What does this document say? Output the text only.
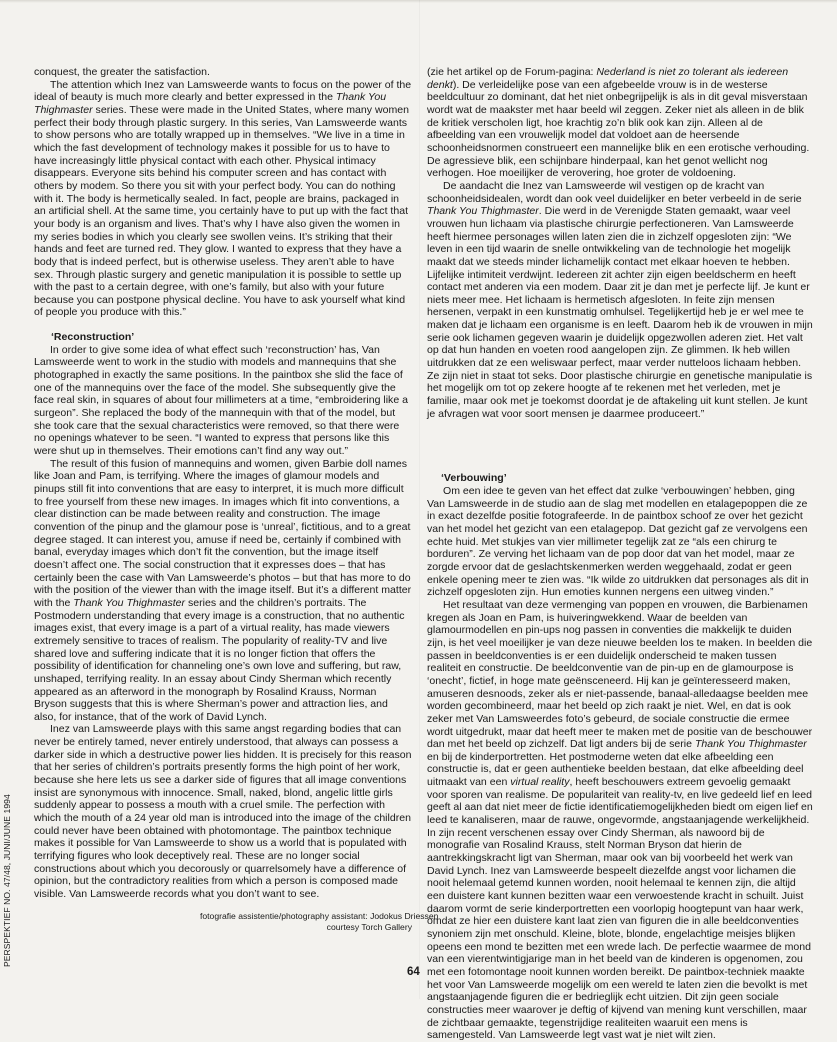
conquest, the greater the satisfaction.

The attention which Inez van Lamsweerde wants to focus on the power of the ideal of beauty is much more clearly and better expressed in the Thank You Thighmaster series. These were made in the United States, where many women perfect their body through plastic surgery. In this series, Van Lamsweerde wants to show persons who are totally wrapped up in themselves. “We live in a time in which the fast development of technology makes it possible for us to have to have increasingly little physical contact with each other. Physical intimacy disappears. Everyone sits behind his computer screen and has contact with others by modem. So there you sit with your perfect body. You can do nothing with it. The body is hermetically sealed. In fact, people are brains, packaged in an artificial shell. At the same time, you certainly have to put up with the fact that your body is an organism and lives. That’s why I have also given the women in my series bodies in which you clearly see swollen veins. It’s striking that their hands and feet are turned red. They glow. I wanted to express that they have a body that is indeed perfect, but is otherwise useless. They aren’t able to have sex. Through plastic surgery and genetic manipulation it is possible to settle up with the past to a certain degree, with one’s family, but also with your future because you can postpone physical decline. You have to ask yourself what kind of people you produce with this.”

‘Reconstruction’

In order to give some idea of what effect such ‘reconstruction’ has, Van Lamsweerde went to work in the studio with models and mannequins that she photographed in exactly the same positions. In the paintbox she slid the face of one of the mannequins over the face of the model. She subsequently give the face real skin, in squares of about four millimeters at a time, “embroidering like a surgeon”. She replaced the body of the mannequin with that of the model, but she took care that the sexual characteristics were removed, so that there were no openings whatever to be seen. “I wanted to express that persons like this were shut up in themselves. Their emotions can’t find any way out.”

The result of this fusion of mannequins and women, given Barbie doll names like Joan and Pam, is terrifying. Where the images of glamour models and pinups still fit into conventions that are easy to interpret, it is much more difficult to free yourself from these new images. In images which fit into conventions, a clear distinction can be made between reality and construction. The image convention of the pinup and the glamour pose is ‘unreal’, fictitious, and to a great degree staged. It can interest you, amuse if need be, certainly if combined with banal, everyday images which don’t fit the convention, but the image itself doesn’t affect one. The social construction that it expresses does – that has certainly been the case with Van Lamsweerde’s photos – but that has more to do with the position of the viewer than with the image itself. But it’s a different matter with the Thank You Thighmaster series and the children’s portraits. The Postmodern understanding that every image is a construction, that no authentic images exist, that every image is a part of a virtual reality, has made viewers extremely sensitive to traces of realism. The popularity of reality-TV and live shared love and suffering indicate that it is no longer fiction that offers the possibility of identification for channeling one’s own love and suffering, but raw, unshaped, terrifying reality. In an essay about Cindy Sherman which recently appeared as an afterword in the monograph by Rosalind Krauss, Norman Bryson suggests that this is where Sherman’s power and attraction lies, and also, for instance, that of the work of David Lynch.

Inez van Lamsweerde plays with this same angst regarding bodies that can never be entirely tamed, never entirely understood, that always can possess a darker side in which a destructive power lies hidden. It is precisely for this reason that her series of children’s portraits presently forms the high point of her work, because she here lets us see a darker side of figures that all image conventions insist are synonymous with innocence. Small, naked, blond, angelic little girls suddenly appear to possess a mouth with a cruel smile. The perfection with which the mouth of a 24 year old man is introduced into the image of the children could never have been obtained with photomontage. The paintbox technique makes it possible for Van Lamsweerde to show us a world that is populated with terrifying figures who look deceptively real. These are no longer social constructions about which you decorously or quarrelsomely have a difference of opinion, but the contradictory realities from which a person is composed made visible. Van Lamsweerde records what you don’t want to see.

(zie het artikel op de Forum-pagina: Nederland is niet zo tolerant als iedereen denkt). De verleidelijke pose van een afgebeelde vrouw is in de westerse beeldcultuur zo dominant, dat het niet onbegrijpelijk is als in dit geval misverstaan wordt wat de maakster met haar beeld wil zeggen. Zeker niet als alleen in de blik de kritiek verscholen ligt, hoe krachtig zo’n blik ook kan zijn. Alleen al de afbeelding van een vrouwelijk model dat voldoet aan de heersende schoonheidsnormen construeert een mannelijke blik en een erotische verhouding. De agressieve blik, een schijnbare hinderpaal, kan het genot wellicht nog verhogen. Hoe moeilijker de verovering, hoe groter de voldoening.

De aandacht die Inez van Lamsweerde wil vestigen op de kracht van schoonheidsidealen, wordt dan ook veel duidelijker en beter verbeeld in de serie Thank You Thighmaster. Die werd in de Verenigde Staten gemaakt, waar veel vrouwen hun lichaam via plastische chirurgie perfectioneren. Van Lamsweerde heeft hiermee personages willen laten zien die in zichzelf opgesloten zijn: “We leven in een tijd waarin de snelle ontwikkeling van de technologie het mogelijk maakt dat we steeds minder lichamelijk contact met elkaar hoeven te hebben. Lijfelijke intimiteit verdwijnt. Iedereen zit achter zijn eigen beeldscherm en heeft contact met anderen via een modem. Daar zit je dan met je perfecte lijf. Je kunt er niets meer mee. Het lichaam is hermetisch afgesloten. In feite zijn mensen hersenen, verpakt in een kunstmatig omhulsel. Tegelijkertijd heb je er wel mee te maken dat je lichaam een organisme is en leeft. Daarom heb ik de vrouwen in mijn serie ook lichamen gegeven waarin je duidelijk opgezwollen aderen ziet. Het valt op dat hun handen en voeten rood aangelopen zijn. Ze glimmen. Ik heb willen uitdrukken dat ze een weliswaar perfect, maar verder nutteloos lichaam hebben. Ze zijn niet in staat tot seks. Door plastische chirurgie en genetische manipulatie is het mogelijk om tot op zekere hoogte af te rekenen met het verleden, met je familie, maar ook met je toekomst doordat je de aftakeling uit kunt stellen. Je kunt je afvragen wat voor soort mensen je daarmee produceert.”

‘Verbouwing’

Om een idee te geven van het effect dat zulke ‘verbouwingen’ hebben, ging Van Lamsweerde in de studio aan de slag met modellen en etalagepoppen die ze in exact dezelfde positie fotografeerde. In de paintbox schoof ze over het gezicht van het model het gezicht van een etalagepop. Dat gezicht gaf ze vervolgens een echte huid. Met stukjes van vier millimeter tegelijk zat ze “als een chirurg te borduren”. Ze verving het lichaam van de pop door dat van het model, maar ze zorgde ervoor dat de geslachtskenmerken werden weggehaald, zodat er geen enkele opening meer te zien was. “Ik wilde zo uitdrukken dat personages als dit in zichzelf opgesloten zijn. Hun emoties kunnen nergens een uitweg vinden.”

Het resultaat van deze vermenging van poppen en vrouwen, die Barbienamen kregen als Joan en Pam, is huiveringwekkend. Waar de beelden van glamourmodellen en pin-ups nog passen in conventies die makkelijk te duiden zijn, is het veel moeilijker je van deze nieuwe beelden los te maken. In beelden die passen in beeldconventies is er een duidelijk onderscheid te maken tussen realiteit en constructie. De beeldconventie van de pin-up en de glamourpose is ‘onecht’, fictief, in hoge mate geënsceneerd. Hij kan je geïnteresseerd maken, amuseren desnoods, zeker als er niet-passende, banaal-alledaagse beelden mee worden gecombineerd, maar het beeld op zich raakt je niet. Wel, en dat is ook zeker met Van Lamsweerdes foto’s gebeurd, de sociale constructie die ermee wordt uitgedrukt, maar dat heeft meer te maken met de positie van de beschouwer dan met het beeld op zichzelf. Dat ligt anders bij de serie Thank You Thighmaster en bij de kinderportretten. Het postmoderne weten dat elke afbeelding een constructie is, dat er geen authentieke beelden bestaan, dat elke afbeelding deel uitmaakt van een virtual reality, heeft beschouwers extreem gevoelig gemaakt voor sporen van realisme. De populariteit van reality-tv, en live gedeeld lief en leed geeft al aan dat niet meer de fictie identificatiemogelijkheden biedt om eigen lief en leed te kanaliseren, maar de rauwe, ongevormde, angstaanjagende werkelijkheid. In zijn recent verschenen essay over Cindy Sherman, als nawoord bij de monografie van Rosalind Krauss, stelt Norman Bryson dat hierin de aantrekkingskracht ligt van Sherman, maar ook van bij voorbeeld het werk van David Lynch. Inez van Lamsweerde bespeelt diezelfde angst voor lichamen die nooit helemaal getemd kunnen worden, nooit helemaal te kennen zijn, die altijd een duistere kant kunnen bezitten waar een verwoestende kracht in schuilt. Juist daarom vormt de serie kinderportretten een voorlopig hoogtepunt van haar werk, omdat ze hier een duistere kant laat zien van figuren die in alle beeldconventies synoniem zijn met onschuld. Kleine, blote, blonde, engelachtige meisjes blijken opeens een mond te bezitten met een wrede lach. De perfectie waarmee de mond van een vierentwintigjarige man in het beeld van de kinderen is opgenomen, zou met een fotomontage nooit kunnen worden bereikt. De paintbox-techniek maakte het voor Van Lamsweerde mogelijk om een wereld te laten zien die bevolkt is met angstaanjagende figuren die er bedrieglijk echt uitzien. Dit zijn geen sociale constructies meer waarover je deftig of kijvend van mening kunt verschillen, maar de zichtbaar gemaakte, tegenstrijdige realiteiten waaruit een mens is samengesteld. Van Lamsweerde legt vast wat je niet wilt zien.

fotografie assistentie/photography assistant: Jodokus Driessen
courtesy Torch Gallery
PERSPEKTIEF NO. 47/48, JUNI/JUNE 1994
64
